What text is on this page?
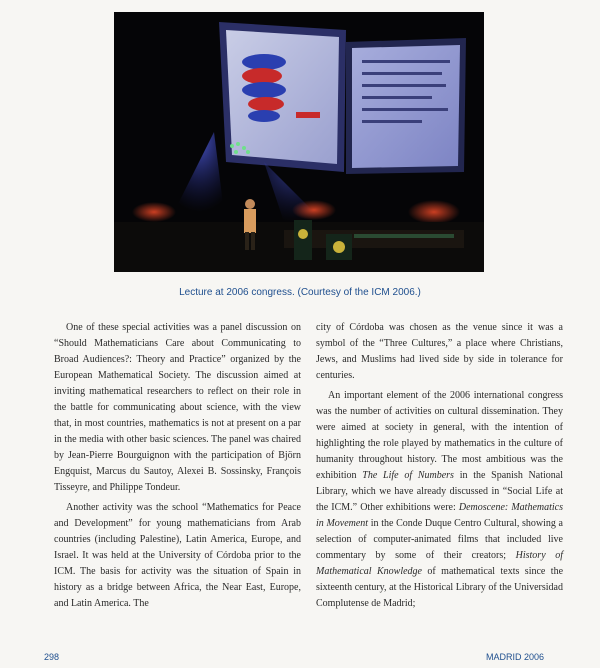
Lecture at 2006 congress. (Courtesy of the ICM 2006.)

One of these special activities was a panel discussion on “Should Mathematicians Care about Communicating to Broad Audiences?: Theory and Practice” organized by the European Mathematical Society. The discussion aimed at inviting mathematical researchers to reflect on their role in the battle for communicating about science, with the view that, in most countries, mathematics is not at present on a par in the media with other basic sciences. The panel was chaired by Jean-Pierre Bourguignon with the participation of Björn Engquist, Marcus du Sautoy, Alexei B. Sossinsky, François Tisseyre, and Philippe Tondeur.

Another activity was the school “Mathematics for Peace and Development” for young mathematicians from Arab countries (including Palestine), Latin America, Europe, and Israel. It was held at the University of Córdoba prior to the ICM. The basis for activity was the situation of Spain in history as a bridge between Africa, the Near East, Europe, and Latin America. The

city of Córdoba was chosen as the venue since it was a symbol of the “Three Cultures,” a place where Christians, Jews, and Muslims had lived side by side in tolerance for centuries.

An important element of the 2006 international congress was the number of activities on cultural dissemination. They were aimed at society in general, with the intention of highlighting the role played by mathematics in the culture of humanity throughout history. The most ambitious was the exhibition The Life of Numbers in the Spanish National Library, which we have already discussed in “Social Life at the ICM.” Other exhibitions were: Demoscene: Mathematics in Movement in the Conde Duque Centro Cultural, showing a selection of computer-animated films that included live commentary by some of their creators; History of Mathematical Knowledge of mathematical texts since the sixteenth century, at the Historical Library of the Universidad Complutense de Madrid;

298	MADRID 2006
